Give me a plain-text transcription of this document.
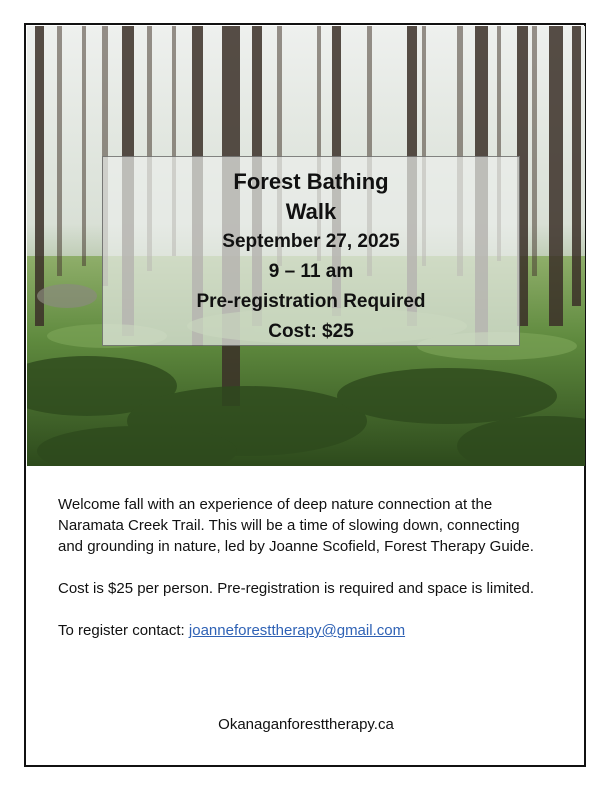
Forest Bathing
Walk
September 27, 2025
9 – 11 am
Pre-registration Required
Cost: $25

Welcome fall with an experience of deep nature connection at the Naramata Creek Trail. This will be a time of slowing down, connecting and grounding in nature, led by Joanne Scofield, Forest Therapy Guide.

Cost is $25 per person. Pre-registration is required and space is limited.

To register contact: joanneforesttherapy@gmail.com

Okanaganforesttherapy.ca
